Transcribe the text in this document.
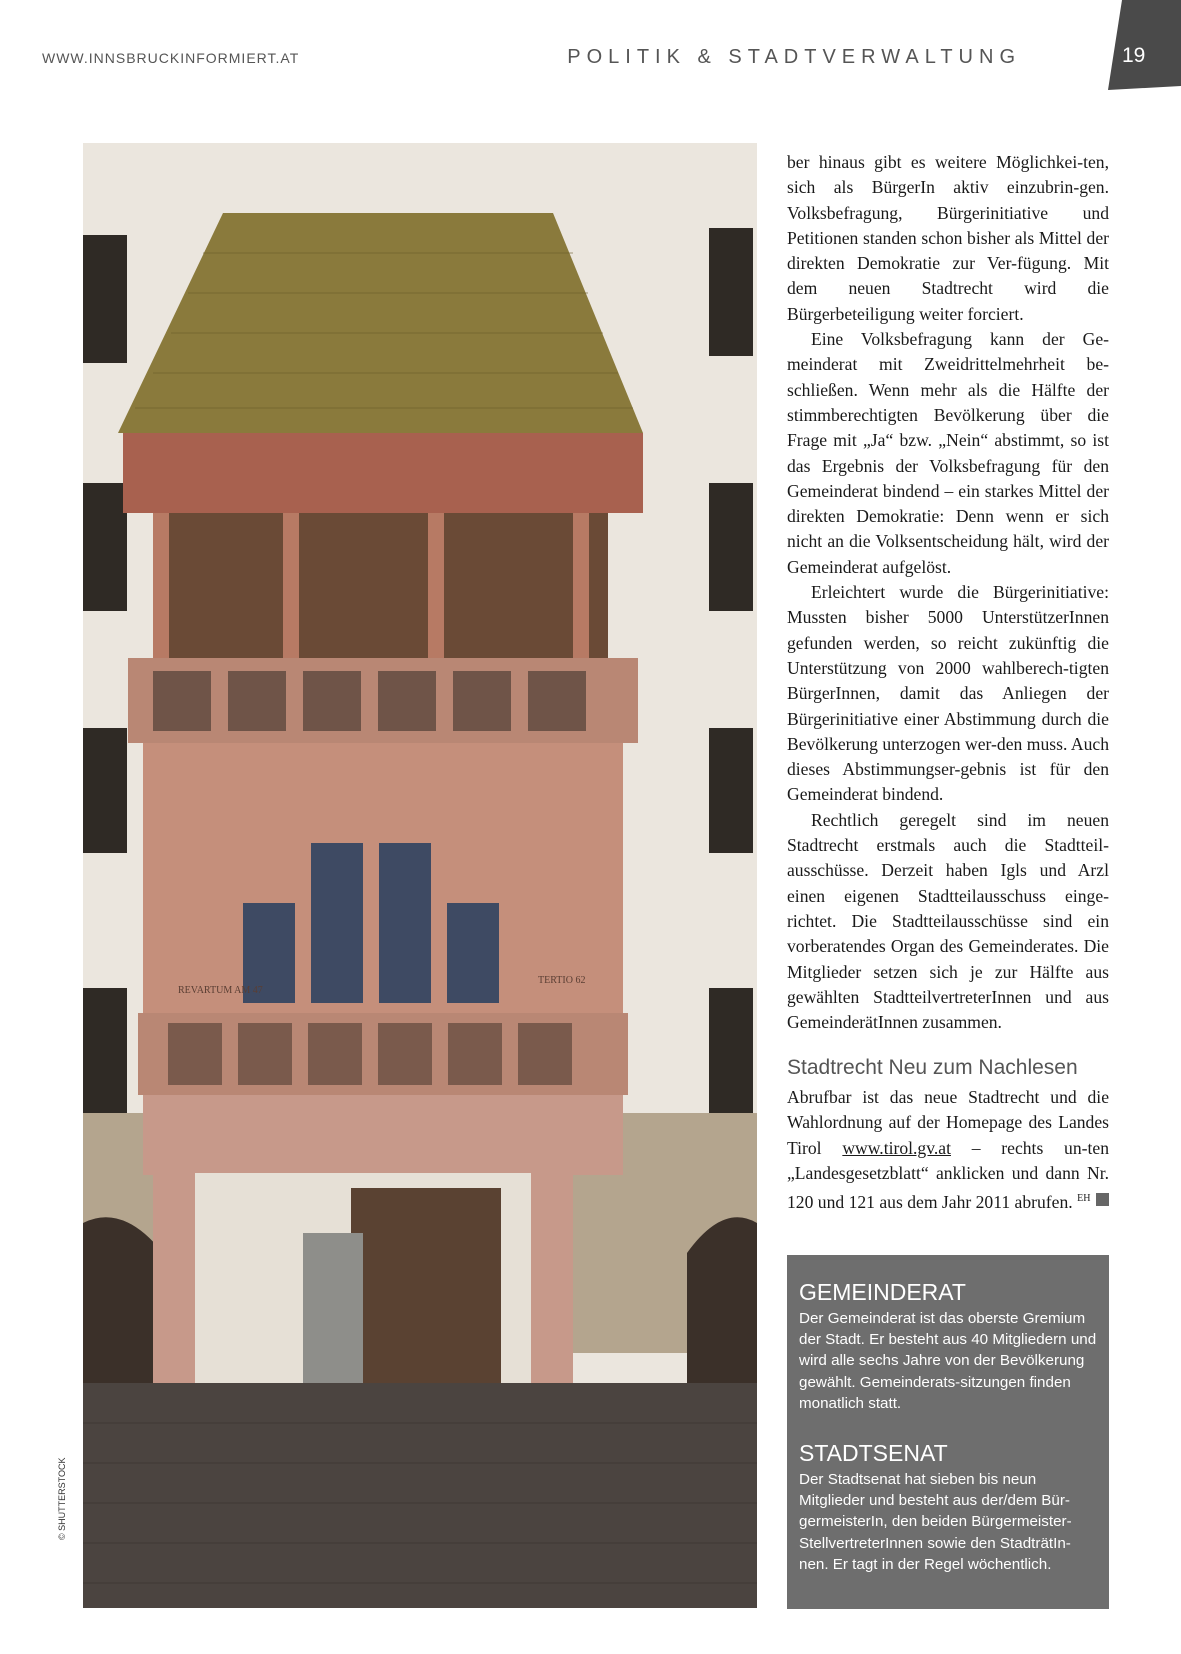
WWW.INNSBRUCKINFORMIERT.AT	POLITIK & STADTVERWALTUNG	19
REVARTUM AM 47
TERTIO 62
© SHUTTERSTOCK

ber hinaus gibt es weitere Möglichkei-ten, sich als BürgerIn aktiv einzubrin-gen. Volksbefragung, Bürgerinitiative und Petitionen standen schon bisher als Mittel der direkten Demokratie zur Ver-fügung. Mit dem neuen Stadtrecht wird die Bürgerbeteiligung weiter forciert.

Eine Volksbefragung kann der Ge-meinderat mit Zweidrittelmehrheit be-schließen. Wenn mehr als die Hälfte der stimmberechtigten Bevölkerung über die Frage mit „Ja“ bzw. „Nein“ abstimmt, so ist das Ergebnis der Volksbefragung für den Gemeinderat bindend – ein starkes Mittel der direkten Demokratie: Denn wenn er sich nicht an die Volksentscheidung hält, wird der Gemeinderat aufgelöst.

Erleichtert wurde die Bürgerinitiative: Mussten bisher 5000 UnterstützerInnen gefunden werden, so reicht zukünftig die Unterstützung von 2000 wahlberech-tigten BürgerInnen, damit das Anliegen der Bürgerinitiative einer Abstimmung durch die Bevölkerung unterzogen wer-den muss. Auch dieses Abstimmungser-gebnis ist für den Gemeinderat bindend.

Rechtlich geregelt sind im neuen Stadtrecht erstmals auch die Stadtteil-ausschüsse. Derzeit haben Igls und Arzl einen eigenen Stadtteilausschuss einge-richtet. Die Stadtteilausschüsse sind ein vorberatendes Organ des Gemeinderates. Die Mitglieder setzen sich je zur Hälfte aus gewählten StadtteilvertreterInnen und aus GemeinderätInnen zusammen.

Stadtrecht Neu zum Nachlesen

Abrufbar ist das neue Stadtrecht und die Wahlordnung auf der Homepage des Landes Tirol www.tirol.gv.at – rechts un-ten „Landesgesetzblatt“ anklicken und dann Nr. 120 und 121 aus dem Jahr 2011 abrufen. $^{EH}$

GEMEINDERAT
Der Gemeinderat ist das oberste Gremium der Stadt. Er besteht aus 40 Mitgliedern und wird alle sechs Jahre von der Bevölkerung gewählt. Gemeinderats-sitzungen finden monatlich statt.
STADTSENAT
Der Stadtsenat hat sieben bis neun Mitglieder und besteht aus der/dem Bür-germeisterIn, den beiden Bürgermeister-StellvertreterInnen sowie den StadträtIn-nen. Er tagt in der Regel wöchentlich.
